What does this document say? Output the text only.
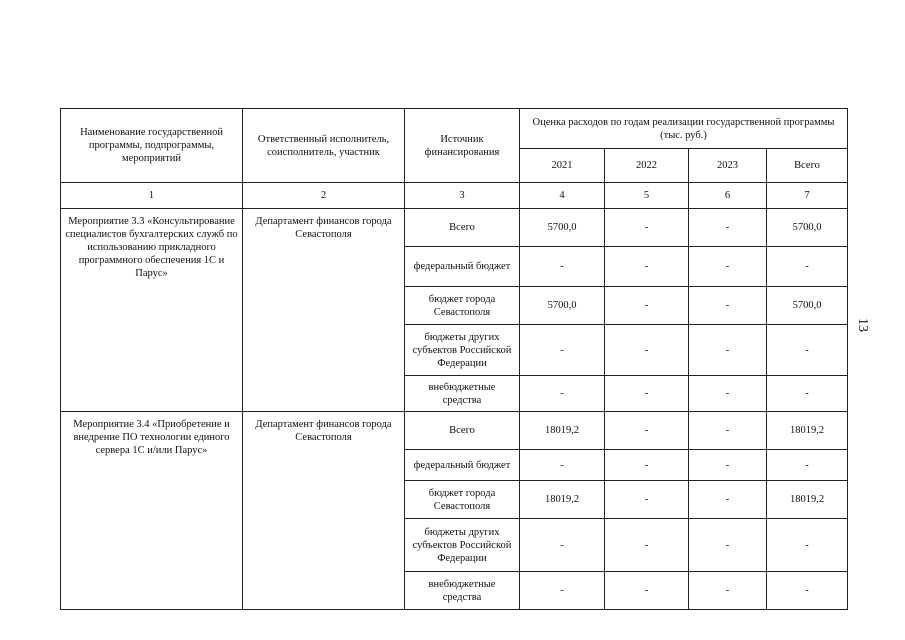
13
Наименование государственной программы, подпрограммы, мероприятий	Ответственный исполнитель, соисполнитель, участник	Источник финансирования	Оценка расходов по годам реализации государственной программы (тыс. руб.)			
			2021	2022	2023	Всего
1	2	3	4	5	6	7
Мероприятие 3.3 «Консультирование специалистов бухгалтерских служб по использованию прикладного программного обеспечения 1С и Парус»	Департамент финансов города Севастополя	Всего	5700,0	-	-	5700,0
		федеральный бюджет	-	-	-	-
		бюджет города Севастополя	5700,0	-	-	5700,0
		бюджеты других субъектов Российской Федерации	-	-	-	-
		внебюджетные средства	-	-	-	-
Мероприятие 3.4 «Приобретение и внедрение ПО технологии единого сервера 1С и/или Парус»	Департамент финансов города Севастополя	Всего	18019,2	-	-	18019,2
		федеральный бюджет	-	-	-	-
		бюджет города Севастополя	18019,2	-	-	18019,2
		бюджеты других субъектов Российской Федерации	-	-	-	-
		внебюджетные средства	-	-	-	-
